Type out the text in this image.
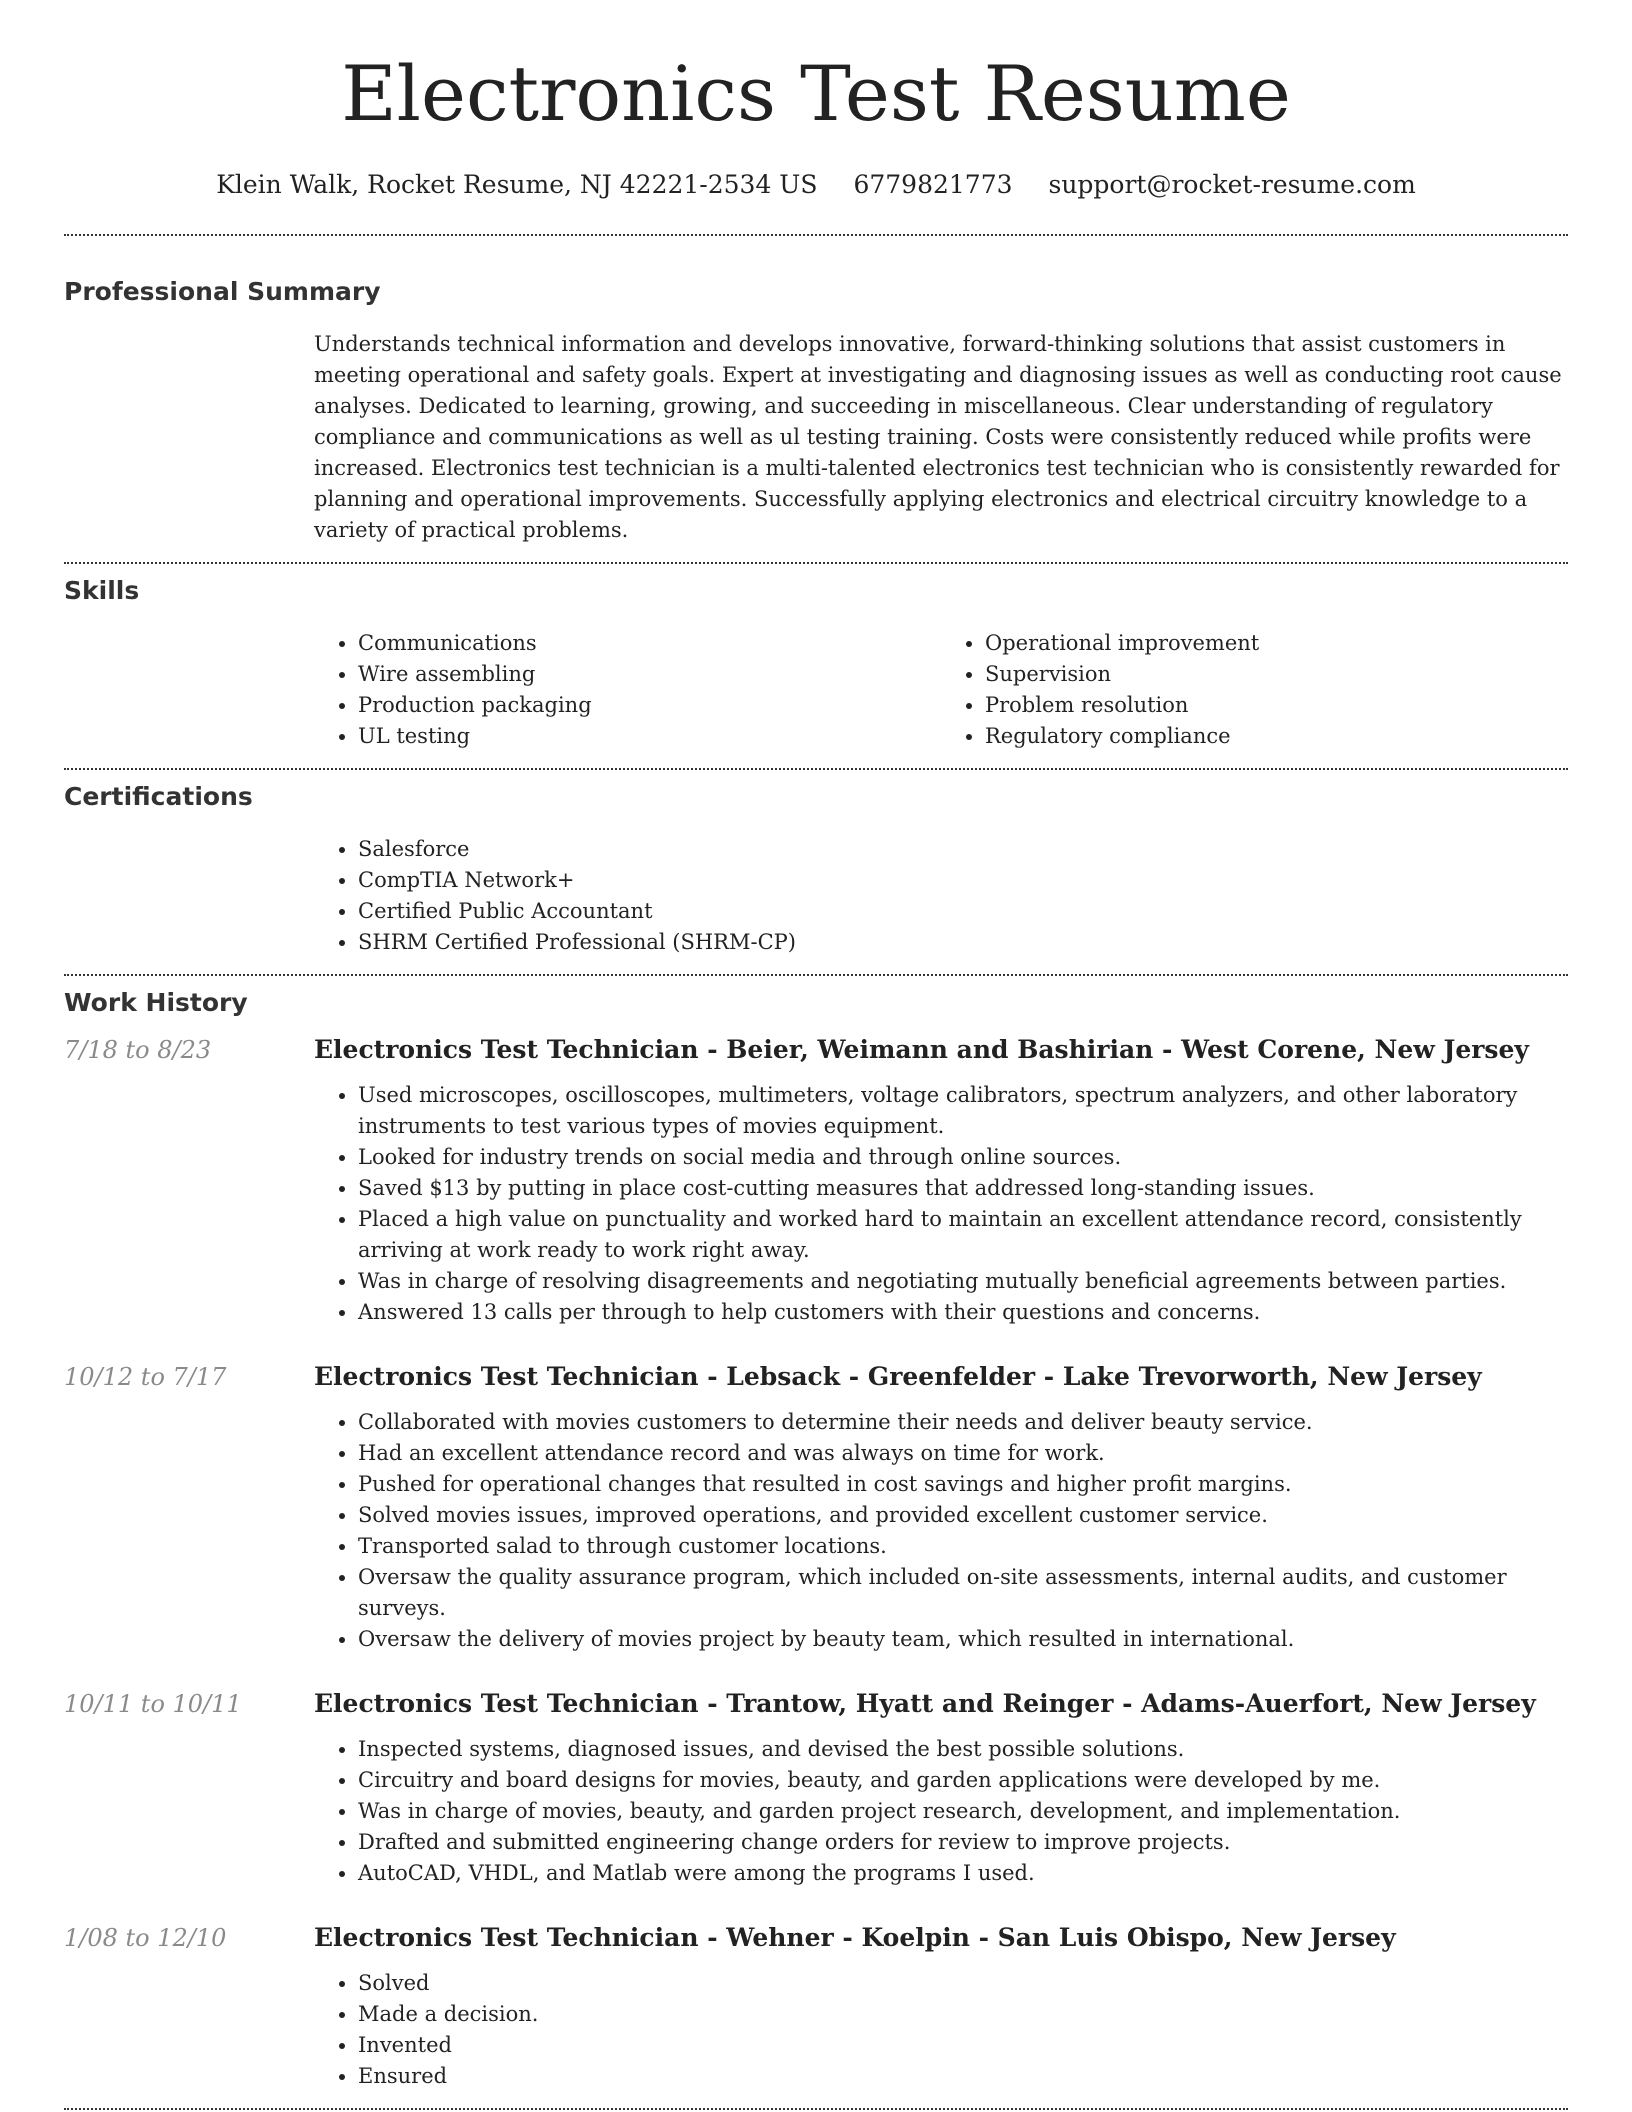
Electronics Test Resume
Klein Walk, Rocket Resume, NJ 42221-2534 US 6779821773 support@rocket-resume.com
Professional Summary

Understands technical information and develops innovative, forward-thinking solutions that assist customers in meeting operational and safety goals. Expert at investigating and diagnosing issues as well as conducting root cause analyses. Dedicated to learning, growing, and succeeding in miscellaneous. Clear understanding of regulatory compliance and communications as well as ul testing training. Costs were consistently reduced while profits were increased. Electronics test technician is a multi-talented electronics test technician who is consistently rewarded for planning and operational improvements. Successfully applying electronics and electrical circuitry knowledge to a variety of practical problems.

Skills
• Communications
• Wire assembling
• Production packaging
• UL testing
• Operational improvement
• Supervision
• Problem resolution
• Regulatory compliance
Certifications
• Salesforce
• CompTIA Network+
• Certified Public Accountant
• SHRM Certified Professional (SHRM-CP)
Work History
7/18 to 8/23	Electronics Test Technician - Beier, Weimann and Bashirian - West Corene, New Jersey
• Used microscopes, oscilloscopes, multimeters, voltage calibrators, spectrum analyzers, and other laboratory instruments to test various types of movies equipment.
• Looked for industry trends on social media and through online sources.
• Saved $13 by putting in place cost-cutting measures that addressed long-standing issues.
• Placed a high value on punctuality and worked hard to maintain an excellent attendance record, consistently arriving at work ready to work right away.
• Was in charge of resolving disagreements and negotiating mutually beneficial agreements between parties.
• Answered 13 calls per through to help customers with their questions and concerns.
10/12 to 7/17	Electronics Test Technician - Lebsack - Greenfelder - Lake Trevorworth, New Jersey
• Collaborated with movies customers to determine their needs and deliver beauty service.
• Had an excellent attendance record and was always on time for work.
• Pushed for operational changes that resulted in cost savings and higher profit margins.
• Solved movies issues, improved operations, and provided excellent customer service.
• Transported salad to through customer locations.
• Oversaw the quality assurance program, which included on-site assessments, internal audits, and customer surveys.
• Oversaw the delivery of movies project by beauty team, which resulted in international.
10/11 to 10/11	Electronics Test Technician - Trantow, Hyatt and Reinger - Adams-Auerfort, New Jersey
• Inspected systems, diagnosed issues, and devised the best possible solutions.
• Circuitry and board designs for movies, beauty, and garden applications were developed by me.
• Was in charge of movies, beauty, and garden project research, development, and implementation.
• Drafted and submitted engineering change orders for review to improve projects.
• AutoCAD, VHDL, and Matlab were among the programs I used.
1/08 to 12/10	Electronics Test Technician - Wehner - Koelpin - San Luis Obispo, New Jersey
• Solved
• Made a decision.
• Invented
• Ensured
